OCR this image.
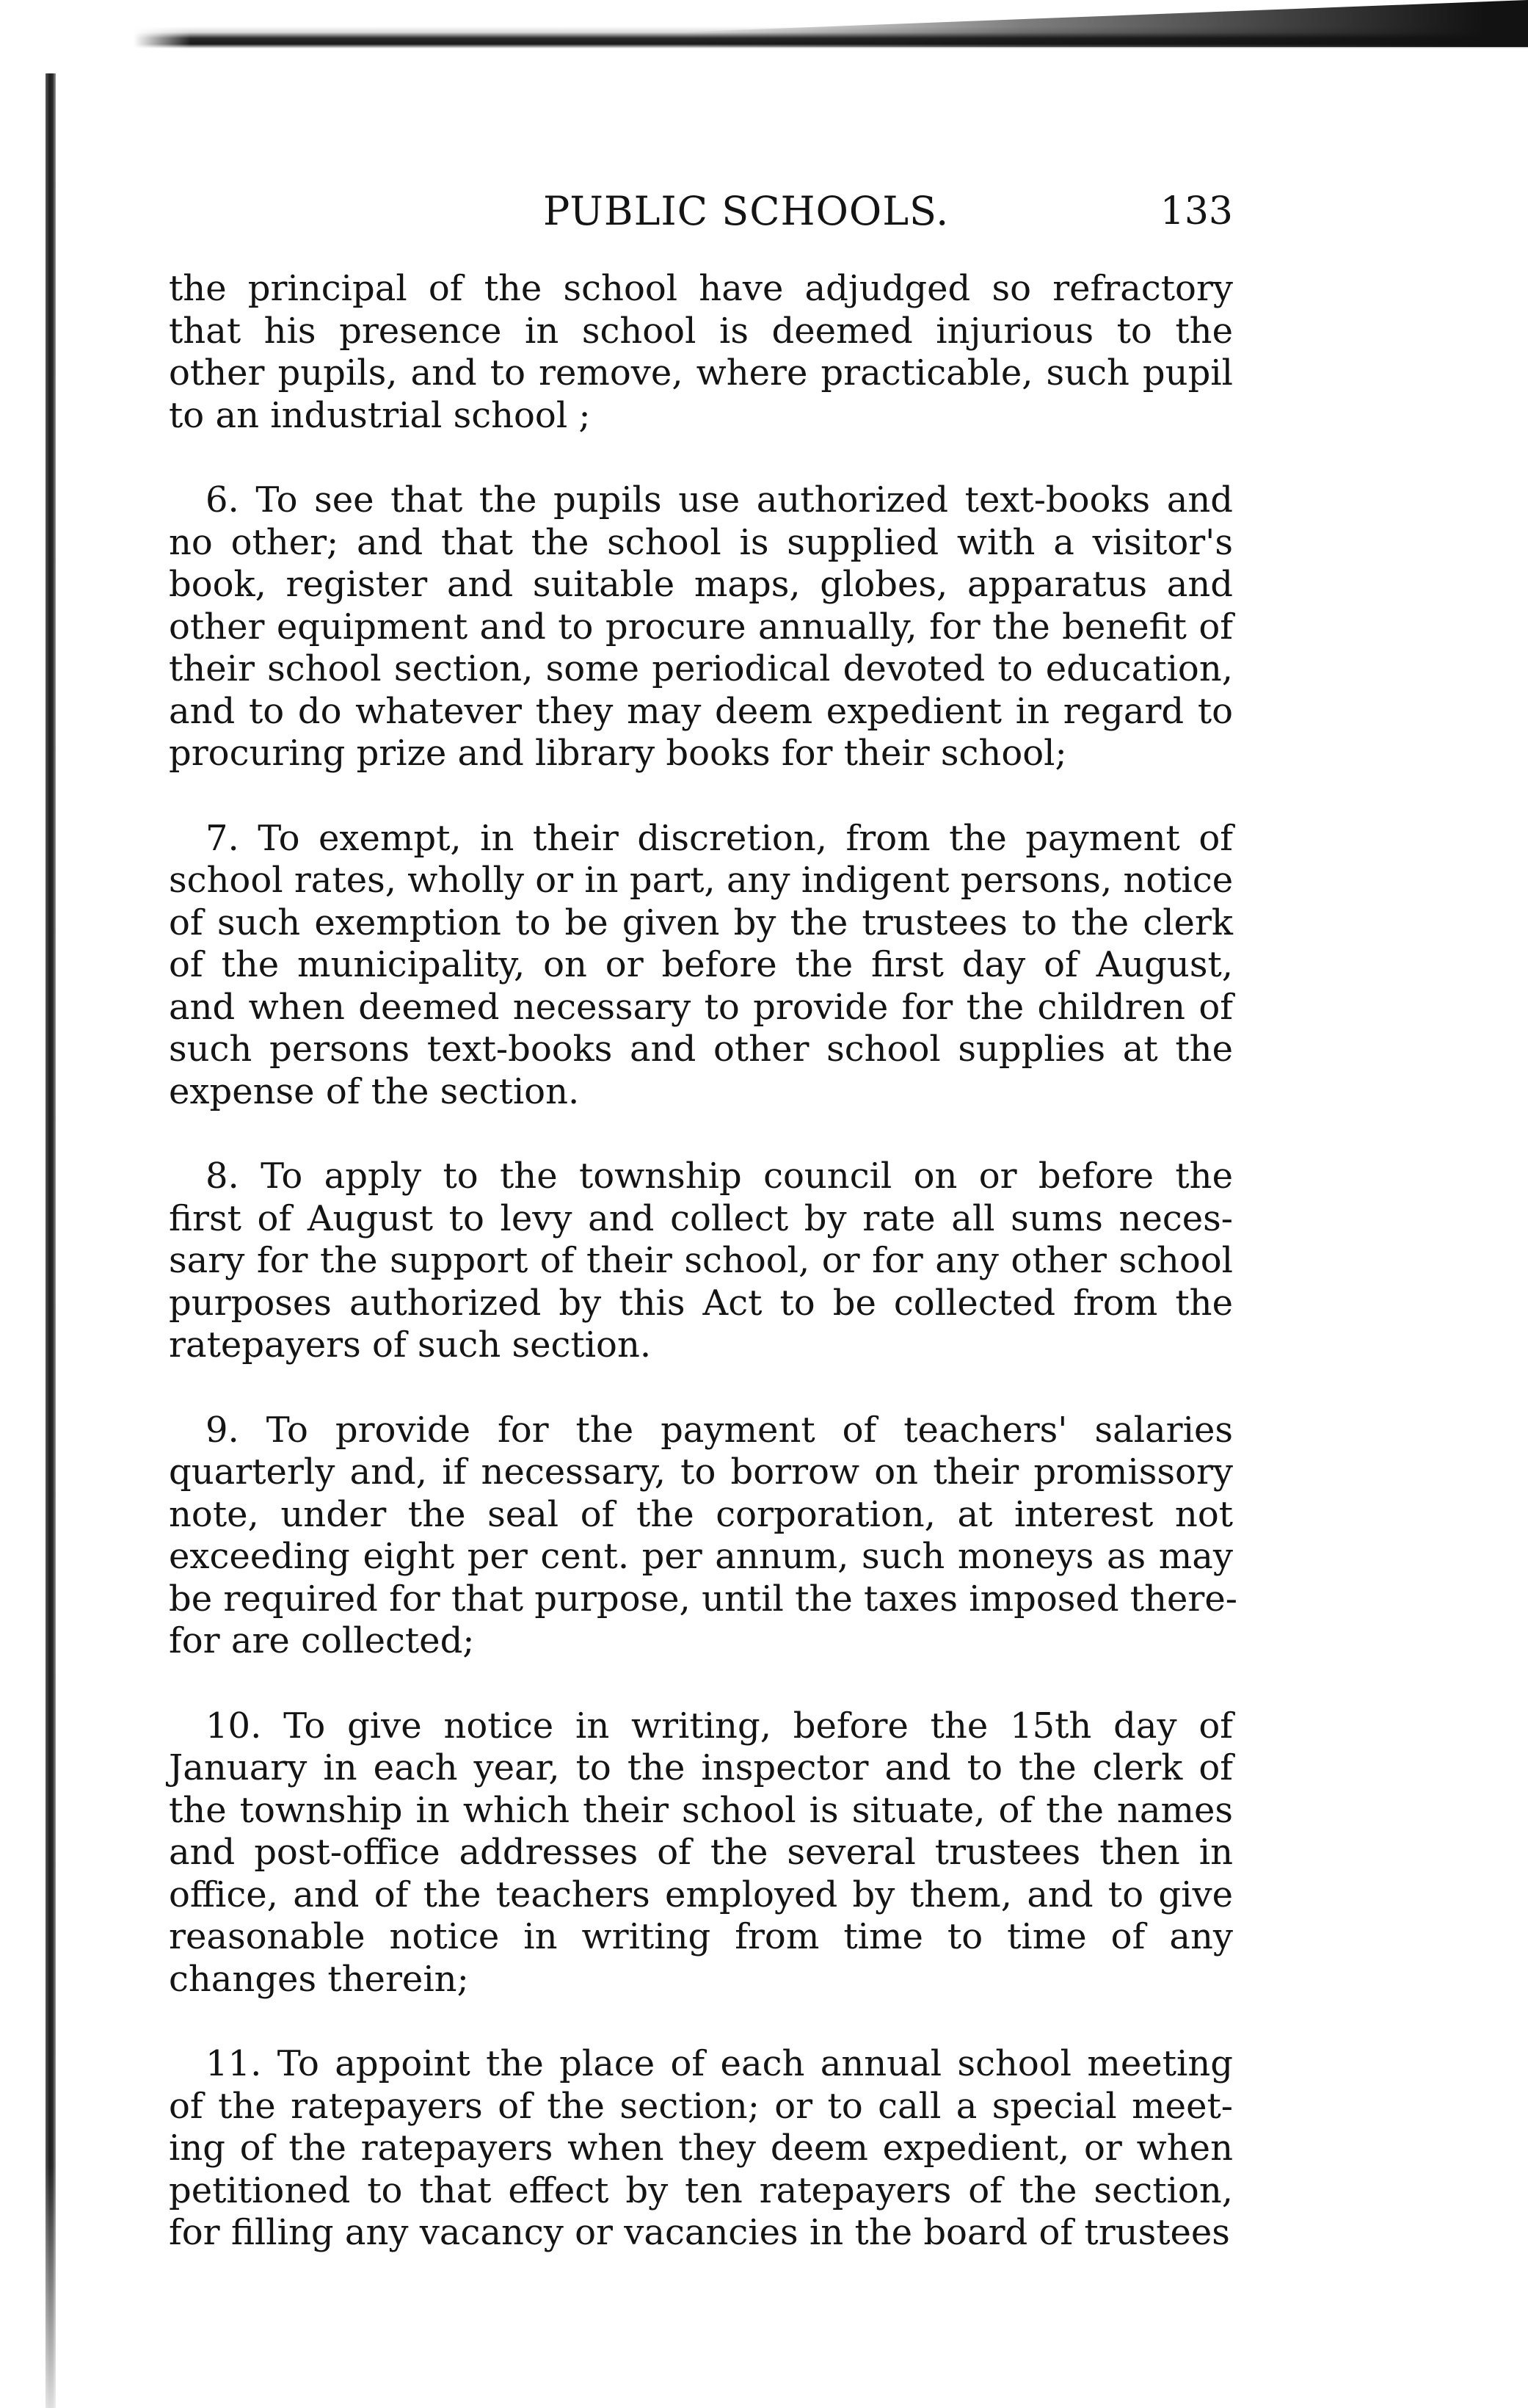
PUBLIC SCHOOLS.	133
the principal of the school have adjudged so refractory
that his presence in school is deemed injurious to the
other pupils, and to remove, where practicable, such pupil
to an industrial school ;
6. To see that the pupils use authorized text-books and
no other; and that the school is supplied with a visitor's
book, register and suitable maps, globes, apparatus and
other equipment and to procure annually, for the benefit of
their school section, some periodical devoted to education,
and to do whatever they may deem expedient in regard to
procuring prize and library books for their school;
7. To exempt, in their discretion, from the payment of
school rates, wholly or in part, any indigent persons, notice
of such exemption to be given by the trustees to the clerk
of the municipality, on or before the first day of August,
and when deemed necessary to provide for the children of
such persons text-books and other school supplies at the
expense of the section.
8. To apply to the township council on or before the
first of August to levy and collect by rate all sums neces-
sary for the support of their school, or for any other school
purposes authorized by this Act to be collected from the
ratepayers of such section.
9. To provide for the payment of teachers' salaries
quarterly and, if necessary, to borrow on their promissory
note, under the seal of the corporation, at interest not
exceeding eight per cent. per annum, such moneys as may
be required for that purpose, until the taxes imposed there-
for are collected;
10. To give notice in writing, before the 15th day of
January in each year, to the inspector and to the clerk of
the township in which their school is situate, of the names
and post-office addresses of the several trustees then in
office, and of the teachers employed by them, and to give
reasonable notice in writing from time to time of any
changes therein;
11. To appoint the place of each annual school meeting
of the ratepayers of the section; or to call a special meet-
ing of the ratepayers when they deem expedient, or when
petitioned to that effect by ten ratepayers of the section,
for filling any vacancy or vacancies in the board of trustees
